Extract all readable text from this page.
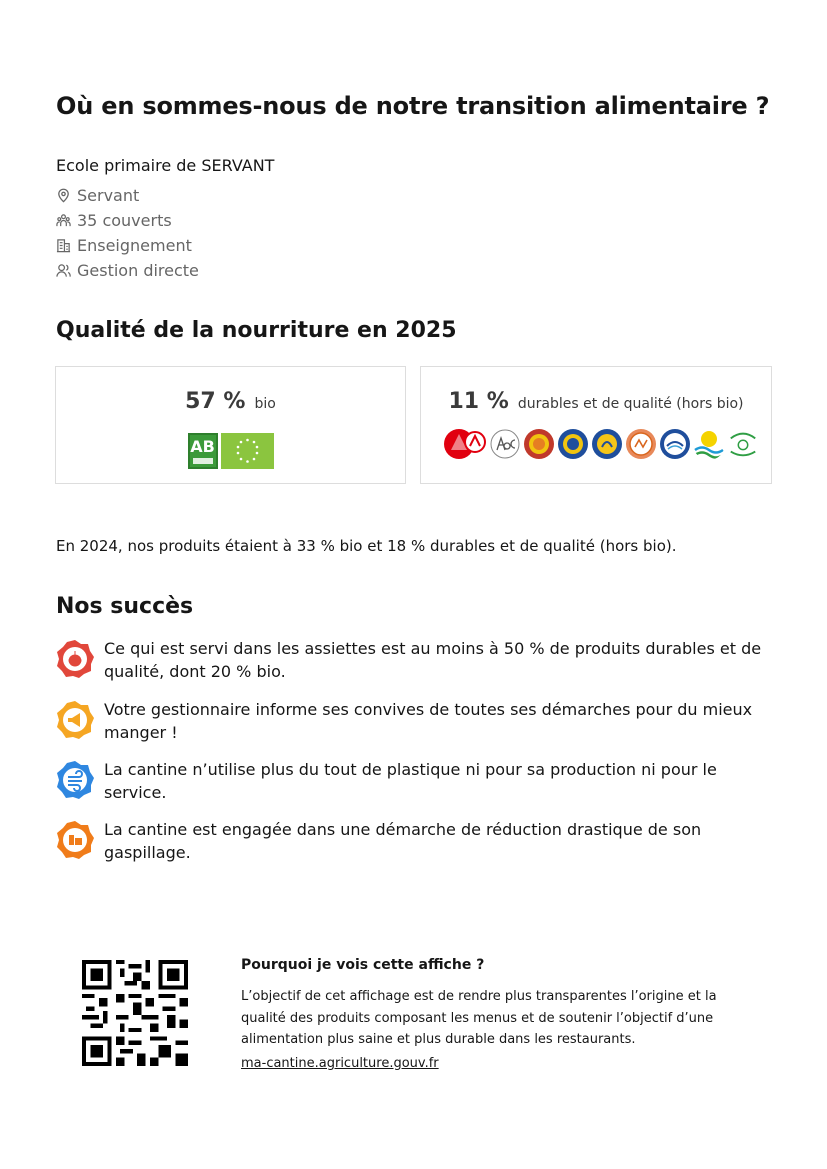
Où en sommes-nous de notre transition alimentaire ?
Ecole primaire de SERVANT
Servant
35 couverts
Enseignement
Gestion directe
Qualité de la nourriture en 2025
57 % bio
AB
11 % durables et de qualité (hors bio)

En 2024, nos produits étaient à 33 % bio et 18 % durables et de qualité (hors bio).

Nos succès

Ce qui est servi dans les assiettes est au moins à 50 % de produits durables et de qualité, dont 20 % bio.

Votre gestionnaire informe ses convives de toutes ses démarches pour du mieux manger !

La cantine n’utilise plus du tout de plastique ni pour sa production ni pour le service.

La cantine est engagée dans une démarche de réduction drastique de son gaspillage.

Pourquoi je vois cette affiche ?

L’objectif de cet affichage est de rendre plus transparentes l’origine et la qualité des produits composant les menus et de soutenir l’objectif d’une alimentation plus saine et plus durable dans les restaurants.

ma-cantine.agriculture.gouv.fr
